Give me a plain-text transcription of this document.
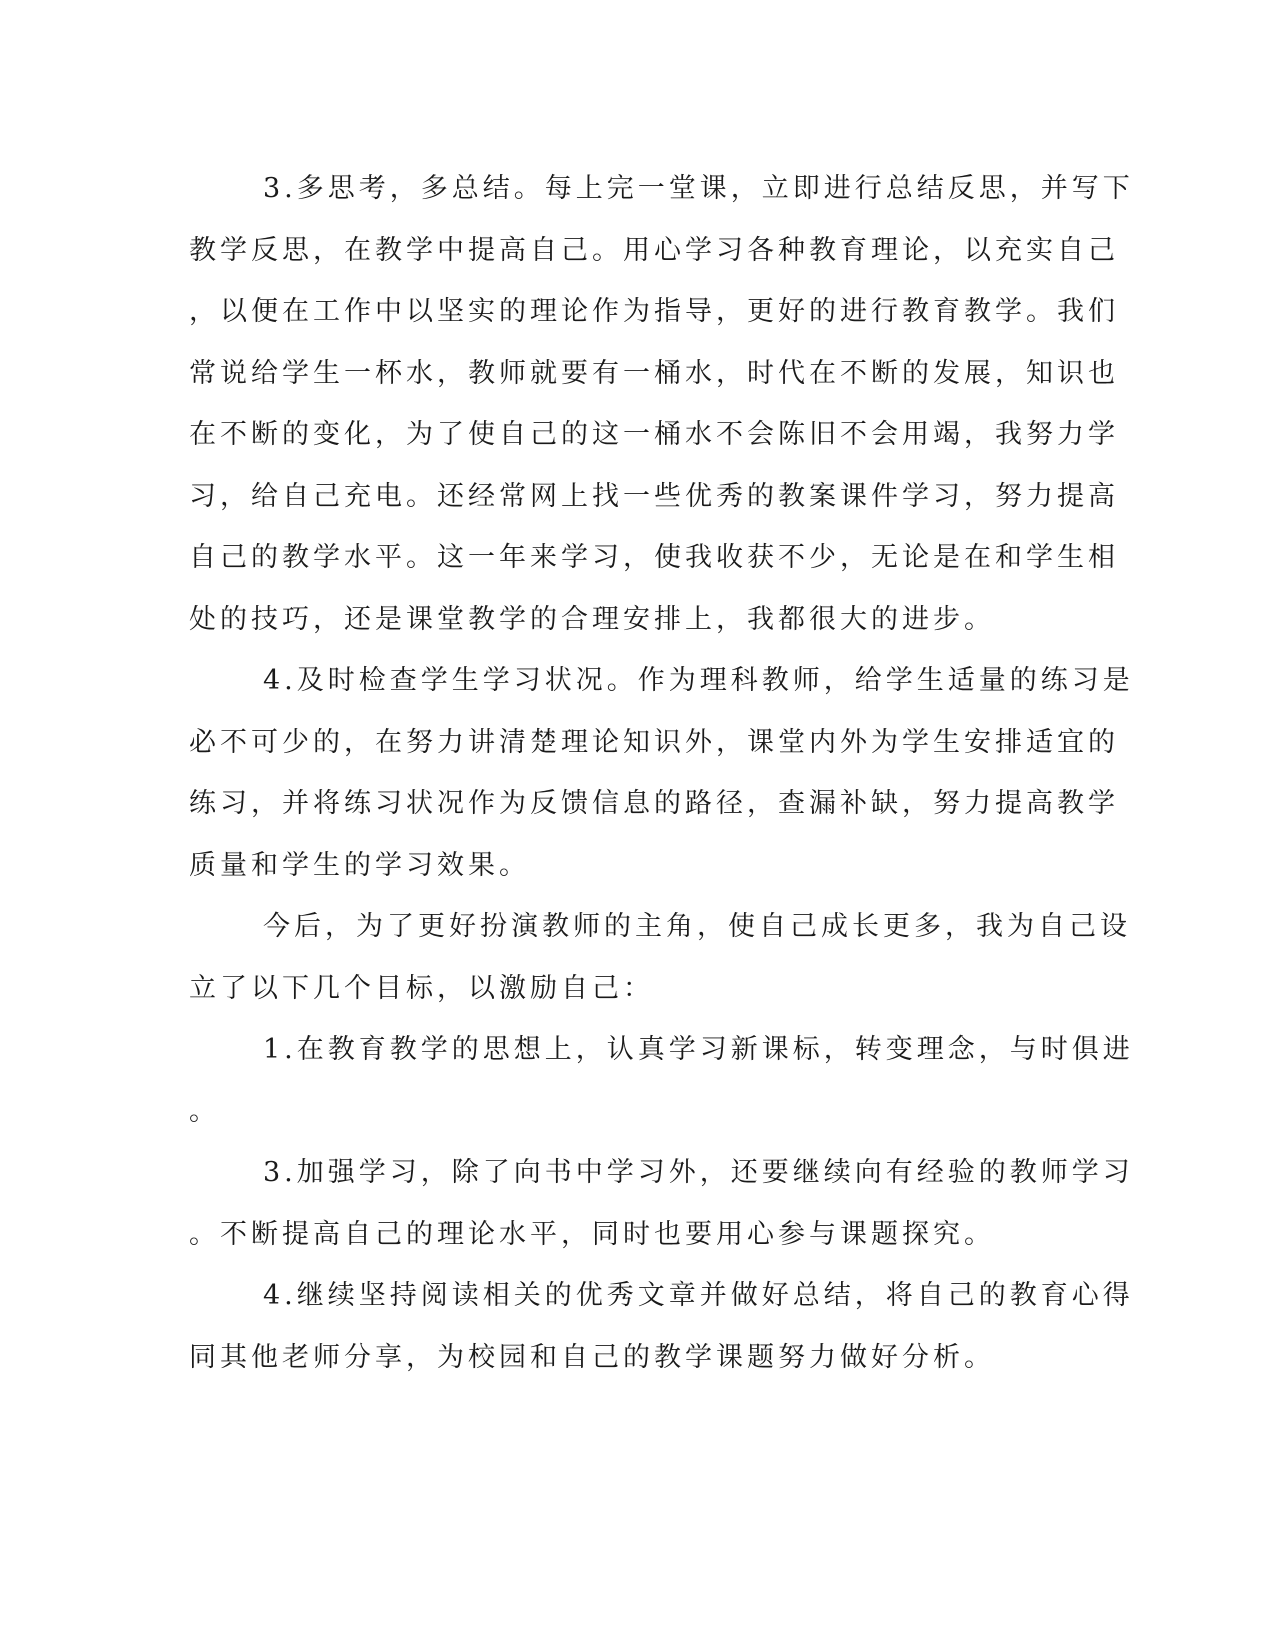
3.多思考，多总结。每上完一堂课，立即进行总结反思，并写下
教学反思，在教学中提高自己。用心学习各种教育理论，以充实自己
，以便在工作中以坚实的理论作为指导，更好的进行教育教学。我们
常说给学生一杯水，教师就要有一桶水，时代在不断的发展，知识也
在不断的变化，为了使自己的这一桶水不会陈旧不会用竭，我努力学
习，给自己充电。还经常网上找一些优秀的教案课件学习，努力提高
自己的教学水平。这一年来学习，使我收获不少，无论是在和学生相
处的技巧，还是课堂教学的合理安排上，我都很大的进步。
4.及时检查学生学习状况。作为理科教师，给学生适量的练习是
必不可少的，在努力讲清楚理论知识外，课堂内外为学生安排适宜的
练习，并将练习状况作为反馈信息的路径，查漏补缺，努力提高教学
质量和学生的学习效果。
今后，为了更好扮演教师的主角，使自己成长更多，我为自己设
立了以下几个目标，以激励自己：
1.在教育教学的思想上，认真学习新课标，转变理念，与时俱进
。
3.加强学习，除了向书中学习外，还要继续向有经验的教师学习
。不断提高自己的理论水平，同时也要用心参与课题探究。
4.继续坚持阅读相关的优秀文章并做好总结，将自己的教育心得
同其他老师分享，为校园和自己的教学课题努力做好分析。
